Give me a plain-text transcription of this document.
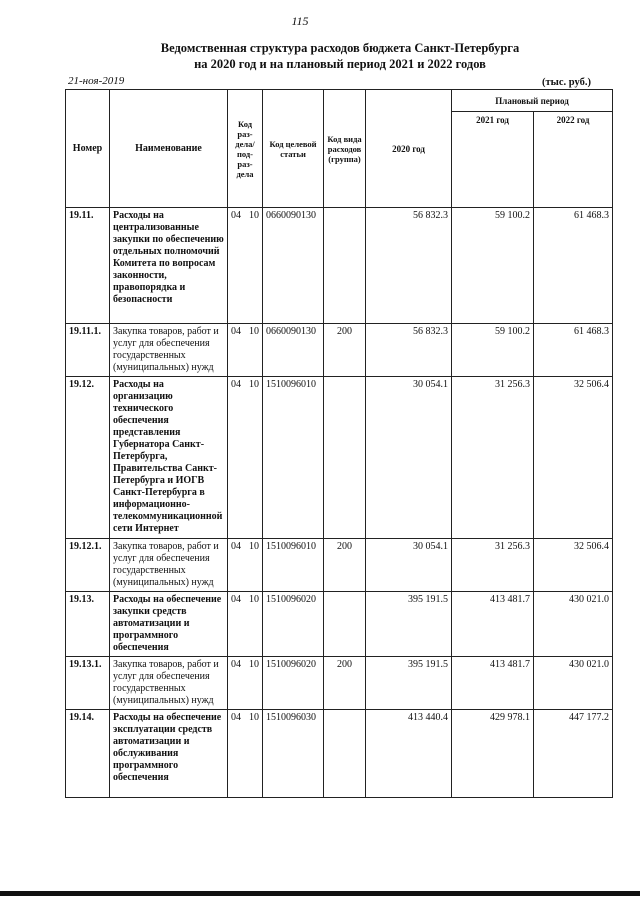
115
Ведомственная структура расходов бюджета Санкт-Петербурга
на 2020 год и на плановый период 2021 и 2022 годов
21-ноя-2019	(тыс. руб.)
Номер	Наименование	Код раз-дела/ под-раз-дела		Код целевой статьи	Код вида расходов (группа)	2020 год	Плановый период	
							2021 год	2022 год
19.11.	Расходы на централизованные закупки по обеспечению отдельных полномочий Комитета по вопросам законности, правопорядка и безопасности	04	10	0660090130		56 832.3	59 100.2	61 468.3
19.11.1.	Закупка товаров, работ и услуг для обеспечения государственных (муниципальных) нужд	04	10	0660090130	200	56 832.3	59 100.2	61 468.3
19.12.	Расходы на организацию технического обеспечения представления Губернатора Санкт-Петербурга, Правительства Санкт-Петербурга и ИОГВ Санкт-Петербурга в информационно-телекоммуникационной сети Интернет	04	10	1510096010		30 054.1	31 256.3	32 506.4
19.12.1.	Закупка товаров, работ и услуг для обеспечения государственных (муниципальных) нужд	04	10	1510096010	200	30 054.1	31 256.3	32 506.4
19.13.	Расходы на обеспечение закупки средств автоматизации и программного обеспечения	04	10	1510096020		395 191.5	413 481.7	430 021.0
19.13.1.	Закупка товаров, работ и услуг для обеспечения государственных (муниципальных) нужд	04	10	1510096020	200	395 191.5	413 481.7	430 021.0
19.14.	Расходы на обеспечение эксплуатации средств автоматизации и обслуживания программного обеспечения	04	10	1510096030		413 440.4	429 978.1	447 177.2
